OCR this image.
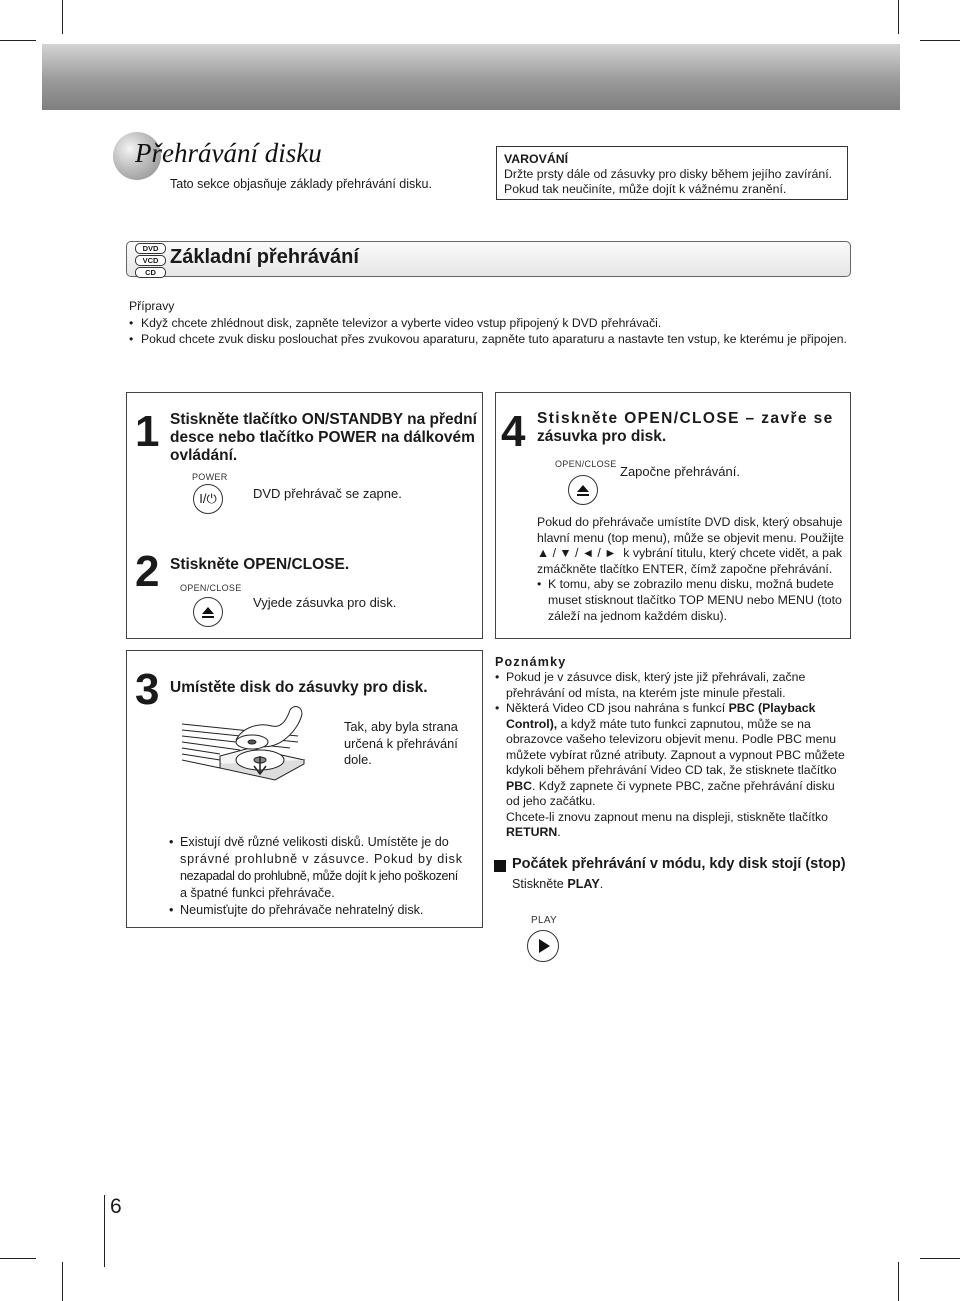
Přehrávání disku
Tato sekce objasňuje základy přehrávání disku.
VAROVÁNÍ
Držte prsty dále od zásuvky pro disky během jejího zavírání.
Pokud tak neučiníte, může dojít k vážnému zranění.
DVD
VCD
CD
Základní přehrávání
Přípravy
• Když chcete zhlédnout disk, zapněte televizor a vyberte video vstup připojený k DVD přehrávači.
• Pokud chcete zvuk disku poslouchat přes zvukovou aparaturu, zapněte tuto aparaturu a nastavte ten vstup, ke kterému je připojen.
1 Stiskněte tlačítko ON/STANDBY na přední
desce nebo tlačítko POWER na dálkovém
ovládání.
POWER
I/⏻	DVD přehrávač se zapne.
2 Stiskněte OPEN/CLOSE.
OPEN/CLOSE
Vyjede zásuvka pro disk.
4 Stiskněte OPEN/CLOSE – zavře se
zásuvka pro disk.
OPEN/CLOSE Započne přehrávání.
Pokud do přehrávače umístíte DVD disk, který obsahuje
hlavní menu (top menu), může se objevit menu. Použijte
▲ / ▼ / ◄ / ► k vybrání titulu, který chcete vidět, a pak
zmáčkněte tlačítko ENTER, čímž započne přehrávání.
• K tomu, aby se zobrazilo menu disku, možná budete
muset stisknout tlačítko TOP MENU nebo MENU (toto
záleží na jednom každém disku).
3 Umístěte disk do zásuvky pro disk.
Tak, aby byla strana
určená k přehrávání
dole.
• Existují dvě různé velikosti disků. Umístěte je do
správné prohlubně v zásuvce. Pokud by disk
nezapadal do prohlubně, může dojít k jeho poškození
a špatné funkci přehrávače.
• Neumisťujte do přehrávače nehratelný disk.
Poznámky
• Pokud je v zásuvce disk, který jste již přehrávali, začne
přehrávání od místa, na kterém jste minule přestali.
• Některá Video CD jsou nahrána s funkcí PBC (Playback
Control), a když máte tuto funkci zapnutou, může se na
obrazovce vašeho televizoru objevit menu. Podle PBC menu
můžete vybírat různé atributy. Zapnout a vypnout PBC můžete
kdykoli během přehrávání Video CD tak, že stisknete tlačítko
PBC. Když zapnete či vypnete PBC, začne přehrávání disku
od jeho začátku.
Chcete-li znovu zapnout menu na displeji, stiskněte tlačítko
RETURN.
Počátek přehrávání v módu, kdy disk stojí (stop)
Stiskněte PLAY.
PLAY
6
